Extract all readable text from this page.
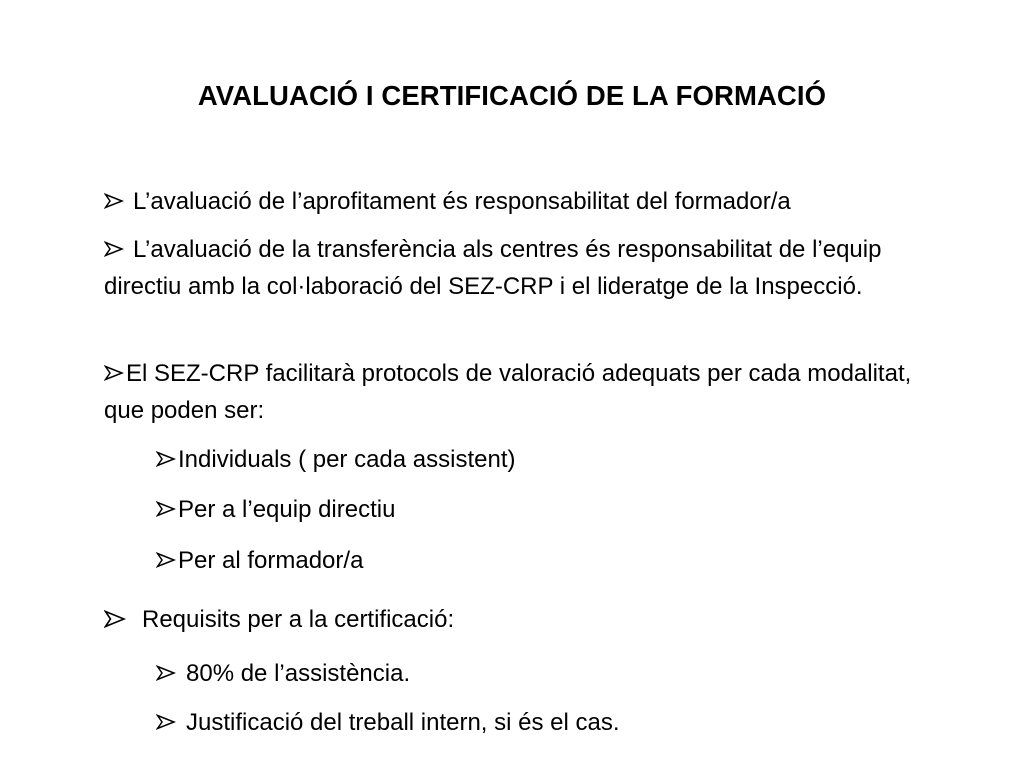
AVALUACIÓ I CERTIFICACIÓ DE LA FORMACIÓ
L’avaluació de l’aprofitament és responsabilitat del formador/a
L’avaluació de la transferència als centres és responsabilitat de l’equip directiu amb la col·laboració del SEZ-CRP i el lideratge de la Inspecció.
El SEZ-CRP facilitarà protocols de valoració adequats per cada modalitat, que poden ser:
Individuals ( per cada assistent)
Per a l’equip directiu
Per al formador/a
Requisits per a la certificació:
80% de l’assistència.
Justificació del treball intern, si és el cas.
